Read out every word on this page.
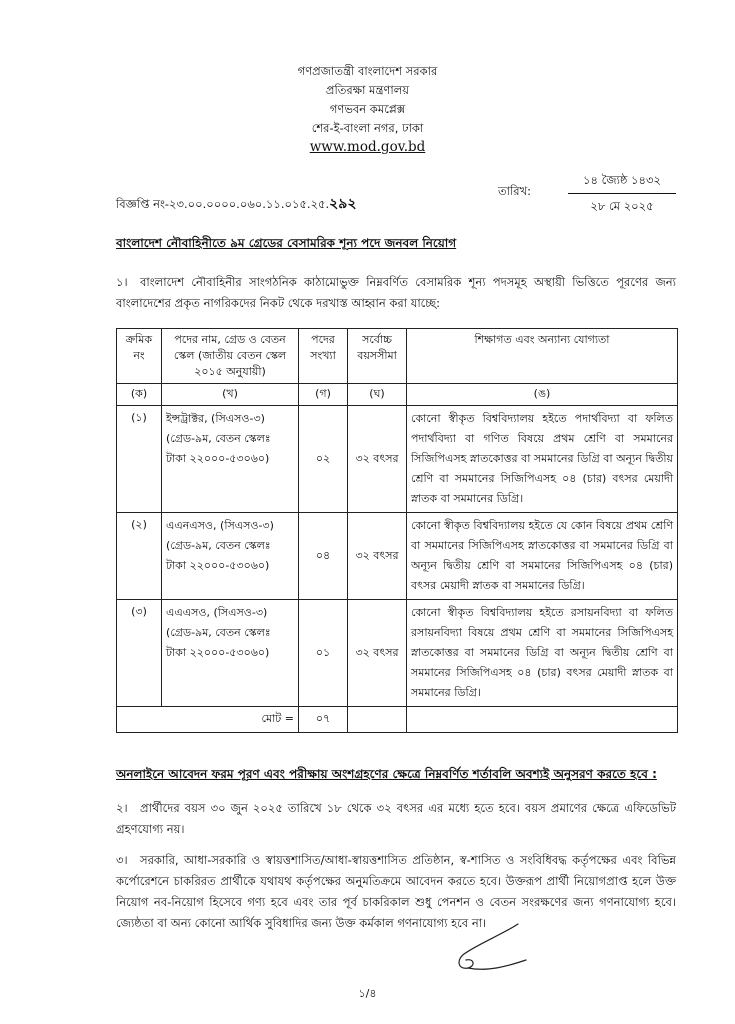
গণপ্রজাতন্ত্রী বাংলাদেশ সরকার
প্রতিরক্ষা মন্ত্রণালয়
গণভবন কমপ্লেক্স
শের-ই-বাংলা নগর, ঢাকা
www.mod.gov.bd
বিজ্ঞপ্তি নং-২৩.০০.০০০০.০৬০.১১.০১৫.২৫.২৯২
তারিখ:
১৪ জ্যৈষ্ঠ ১৪৩২
২৮ মে ২০২৫
বাংলাদেশ নৌবাহিনীতে ৯ম গ্রেডের বেসামরিক শূন্য পদে জনবল নিয়োগ
১। বাংলাদেশ নৌবাহিনীর সাংগঠনিক কাঠামোভুক্ত নিম্নবর্ণিত বেসামরিক শূন্য পদসমূহ অস্থায়ী ভিত্তিতে পূরণের জন্য বাংলাদেশের প্রকৃত নাগরিকদের নিকট থেকে দরখাস্ত আহ্বান করা যাচ্ছে:
ক্রমিক নং	পদের নাম, গ্রেড ও বেতন স্কেল (জাতীয় বেতন স্কেল ২০১৫ অনুযায়ী)	পদের সংখ্যা	সর্বোচ্চ বয়সসীমা	শিক্ষাগত এবং অন্যান্য যোগ্যতা
(ক)	(খ)	(গ)	(ঘ)	(ঙ)
(১)	ইন্সট্রাক্টর, (সিএসও-৩) (গ্রেড-৯ম, বেতন স্কেলঃ টাকা ২২০০০-৫৩০৬০)	০২	৩২ বৎসর	কোনো স্বীকৃত বিশ্ববিদ্যালয় হইতে পদার্থবিদ্যা বা ফলিত পদার্থবিদ্যা বা গণিত বিষয়ে প্রথম শ্রেণি বা সমমানের সিজিপিএসহ স্নাতকোত্তর বা সমমানের ডিগ্রি বা অন্যূন দ্বিতীয় শ্রেণি বা সমমানের সিজিপিএসহ ০৪ (চার) বৎসর মেয়াদী স্নাতক বা সমমানের ডিগ্রি।
(২)	এএনএসও, (সিএসও-৩) (গ্রেড-৯ম, বেতন স্কেলঃ টাকা ২২০০০-৫৩০৬০)	০৪	৩২ বৎসর	কোনো স্বীকৃত বিশ্ববিদ্যালয় হইতে যে কোন বিষয়ে প্রথম শ্রেণি বা সমমানের সিজিপিএসহ স্নাতকোত্তর বা সমমানের ডিগ্রি বা অন্যূন দ্বিতীয় শ্রেণি বা সমমানের সিজিপিএসহ ০৪ (চার) বৎসর মেয়াদী স্নাতক বা সমমানের ডিগ্রি।
(৩)	এএএসও, (সিএসও-৩) (গ্রেড-৯ম, বেতন স্কেলঃ টাকা ২২০০০-৫৩০৬০)	০১	৩২ বৎসর	কোনো স্বীকৃত বিশ্ববিদ্যালয় হইতে রসায়নবিদ্যা বা ফলিত রসায়নবিদ্যা বিষয়ে প্রথম শ্রেণি বা সমমানের সিজিপিএসহ স্নাতকোত্তর বা সমমানের ডিগ্রি বা অন্যূন দ্বিতীয় শ্রেণি বা সমমানের সিজিপিএসহ ০৪ (চার) বৎসর মেয়াদী স্নাতক বা সমমানের ডিগ্রি।
মোট =		০৭		
অনলাইনে আবেদন ফরম পূরণ এবং পরীক্ষায় অংশগ্রহণের ক্ষেত্রে নিম্নবর্ণিত শর্তাবলি অবশ্যই অনুসরণ করতে হবে :
২। প্রার্থীদের বয়স ৩০ জুন ২০২৫ তারিখে ১৮ থেকে ৩২ বৎসর এর মধ্যে হতে হবে। বয়স প্রমাণের ক্ষেত্রে এফিডেভিট গ্রহণযোগ্য নয়।
৩। সরকারি, আধা-সরকারি ও স্বায়ত্তশাসিত/আধা-স্বায়ত্তশাসিত প্রতিষ্ঠান, স্ব-শাসিত ও সংবিধিবদ্ধ কর্তৃপক্ষের এবং বিভিন্ন কর্পোরেশনে চাকরিরত প্রার্থীকে যথাযথ কর্তৃপক্ষের অনুমতিক্রমে আবেদন করতে হবে। উক্তরূপ প্রার্থী নিয়োগপ্রাপ্ত হলে উক্ত নিয়োগ নব-নিয়োগ হিসেবে গণ্য হবে এবং তার পূর্ব চাকরিকাল শুধু পেনশন ও বেতন সংরক্ষণের জন্য গণনাযোগ্য হবে। জ্যেষ্ঠতা বা অন্য কোনো আর্থিক সুবিধাদির জন্য উক্ত কর্মকাল গণনাযোগ্য হবে না।
১/৪
